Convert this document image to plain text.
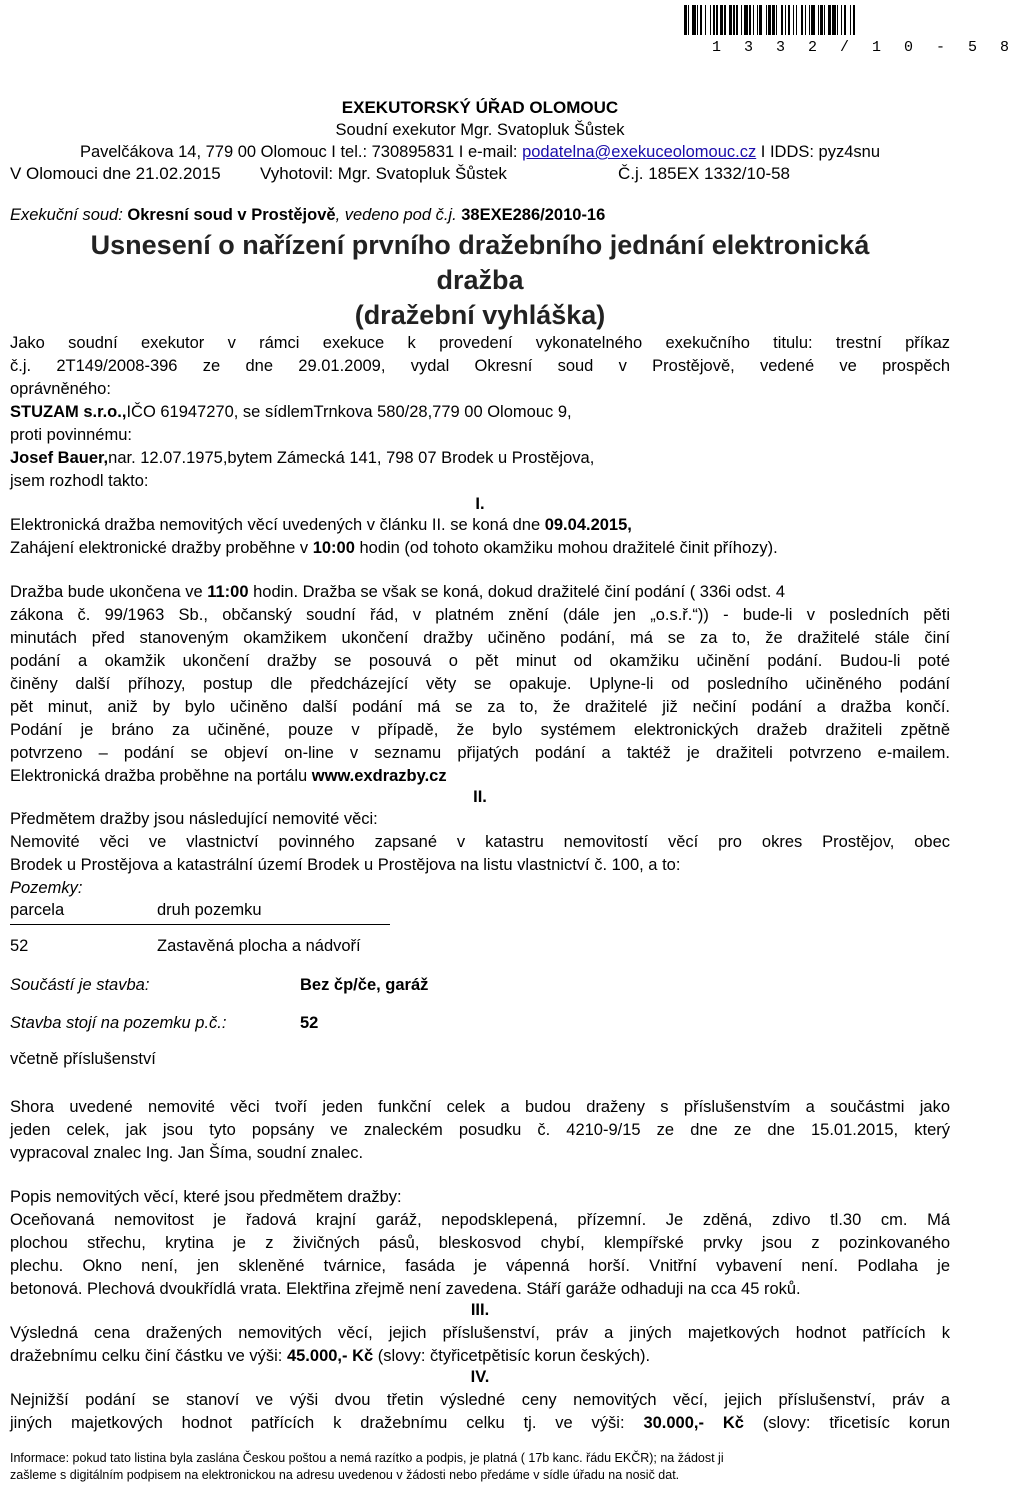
1 3 3 2 / 1 0 - 5 8
EXEKUTORSKÝ ÚŘAD OLOMOUC
Soudní exekutor Mgr. Svatopluk Šůstek
Pavelčákova 14, 779 00 Olomouc I tel.: 730895831 I e-mail: podatelna@exekuceolomouc.cz I IDDS: pyz4snu
V Olomouci dne 21.02.2015 Vyhotovil: Mgr. Svatopluk Šůstek	Č.j. 185EX 1332/10-58
Exekuční soud: Okresní soud v Prostějově, vedeno pod č.j. 38EXE286/2010-16
Usnesení o nařízení prvního dražebního jednání elektronická
dražba
(dražební vyhláška)
Jako soudní exekutor v rámci exekuce k provedení vykonatelného exekučního titulu: trestní příkaz
č.j. 2T149/2008-396 ze dne 29.01.2009, vydal Okresní soud v Prostějově, vedené ve prospěch
oprávněného:
STUZAM s.r.o.,IČO 61947270, se sídlemTrnkova 580/28,779 00 Olomouc 9,
proti povinnému:
Josef Bauer,nar. 12.07.1975,bytem Zámecká 141, 798 07 Brodek u Prostějova,
jsem rozhodl takto:
I.
Elektronická dražba nemovitých věcí uvedených v článku II. se koná dne 09.04.2015,
Zahájení elektronické dražby proběhne v 10:00 hodin (od tohoto okamžiku mohou dražitelé činit příhozy).
Dražba bude ukončena ve 11:00 hodin. Dražba se však se koná, dokud dražitelé činí podání ( 336i odst. 4
zákona č. 99/1963 Sb., občanský soudní řád, v platném znění (dále jen „o.s.ř.“)) - bude-li v posledních pěti
minutách před stanoveným okamžikem ukončení dražby učiněno podání, má se za to, že dražitelé stále činí
podání a okamžik ukončení dražby se posouvá o pět minut od okamžiku učinění podání. Budou-li poté
činěny další příhozy, postup dle předcházející věty se opakuje. Uplyne-li od posledního učiněného podání
pět minut, aniž by bylo učiněno další podání má se za to, že dražitelé již nečiní podání a dražba končí.
Podání je bráno za učiněné, pouze v případě, že bylo systémem elektronických dražeb dražiteli zpětně
potvrzeno – podání se objeví on-line v seznamu přijatých podání a taktéž je dražiteli potvrzeno e-mailem.
Elektronická dražba proběhne na portálu www.exdrazby.cz
II.
Předmětem dražby jsou následující nemovité věci:
Nemovité věci ve vlastnictví povinného zapsané v katastru nemovitostí věcí pro okres Prostějov, obec
Brodek u Prostějova a katastrální území Brodek u Prostějova na listu vlastnictví č. 100, a to:
Pozemky:
parcela	druh pozemku
52	Zastavěná plocha a nádvoří
Součástí je stavba:	Bez čp/če, garáž
Stavba stojí na pozemku p.č.:	52
včetně příslušenství
Shora uvedené nemovité věci tvoří jeden funkční celek a budou draženy s příslušenstvím a součástmi jako
jeden celek, jak jsou tyto popsány ve znaleckém posudku č. 4210-9/15 ze dne ze dne 15.01.2015, který
vypracoval znalec Ing. Jan Šíma, soudní znalec.
Popis nemovitých věcí, které jsou předmětem dražby:
Oceňovaná nemovitost je řadová krajní garáž, nepodsklepená, přízemní. Je zděná, zdivo tl.30 cm. Má
plochou střechu, krytina je z živičných pásů, bleskosvod chybí, klempířské prvky jsou z pozinkovaného
plechu. Okno není, jen skleněné tvárnice, fasáda je vápenná horší. Vnitřní vybavení není. Podlaha je
betonová. Plechová dvoukřídlá vrata. Elektřina zřejmě není zavedena. Stáří garáže odhaduji na cca 45 roků.
III.
Výsledná cena dražených nemovitých věcí, jejich příslušenství, práv a jiných majetkových hodnot patřících k
dražebnímu celku činí částku ve výši: 45.000,- Kč (slovy: čtyřicetpětisíc korun českých).
IV.
Nejnižší podání se stanoví ve výši dvou třetin výsledné ceny nemovitých věcí, jejich příslušenství, práv a
jiných majetkových hodnot patřících k dražebnímu celku tj. ve výši: 30.000,- Kč (slovy: třicetisíc korun
Informace: pokud tato listina byla zaslána Českou poštou a nemá razítko a podpis, je platná ( 17b kanc. řádu EKČR); na žádost ji
zašleme s digitálním podpisem na elektronickou na adresu uvedenou v žádosti nebo předáme v sídle úřadu na nosič dat.
